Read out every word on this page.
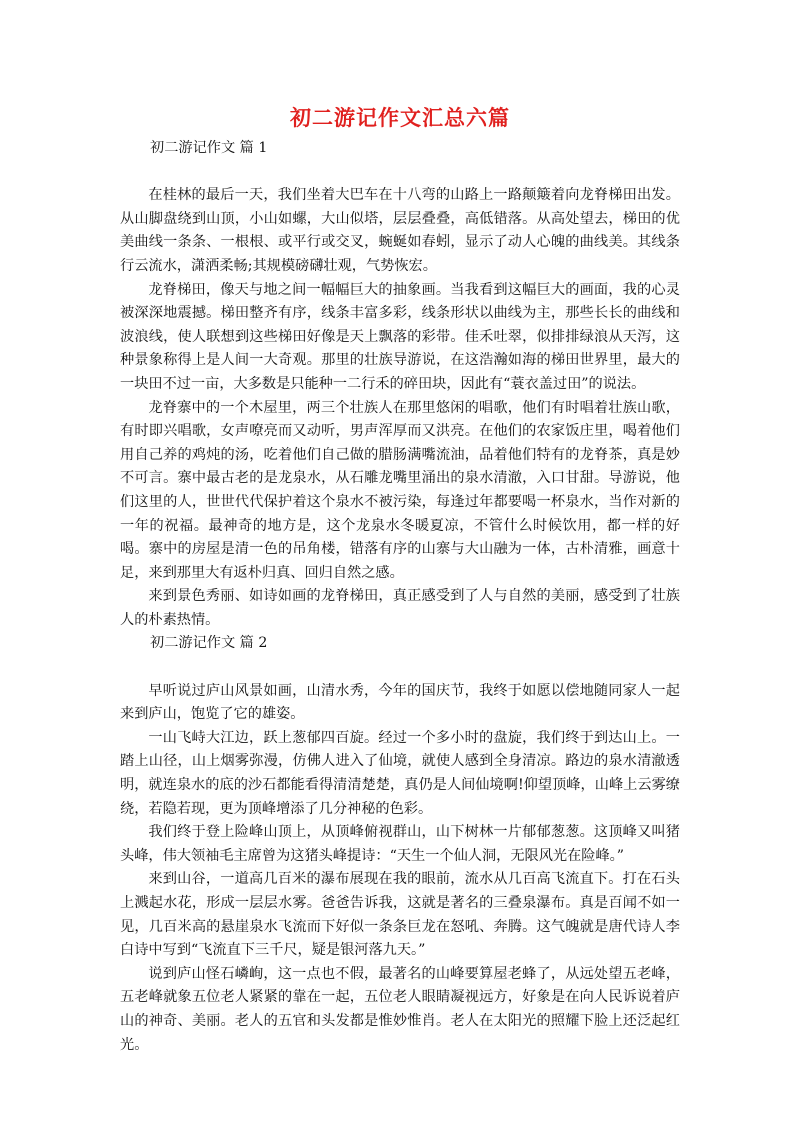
初二游记作文汇总六篇
初二游记作文 篇 1

在桂林的最后一天，我们坐着大巴车在十八弯的山路上一路颠簸着向龙脊梯田出发。从山脚盘绕到山顶，小山如螺，大山似塔，层层叠叠，高低错落。从高处望去，梯田的优美曲线一条条、一根根、或平行或交叉，蜿蜒如春蚓，显示了动人心魄的曲线美。其线条行云流水，潇洒柔畅;其规模磅礴壮观，气势恢宏。

龙脊梯田，像天与地之间一幅幅巨大的抽象画。当我看到这幅巨大的画面，我的心灵被深深地震撼。梯田整齐有序，线条丰富多彩，线条形状以曲线为主，那些长长的曲线和波浪线，使人联想到这些梯田好像是天上飘落的彩带。佳禾吐翠，似排排绿浪从天泻，这种景象称得上是人间一大奇观。那里的壮族导游说，在这浩瀚如海的梯田世界里，最大的一块田不过一亩，大多数是只能种一二行禾的碎田块，因此有“蓑衣盖过田”的说法。

龙脊寨中的一个木屋里，两三个壮族人在那里悠闲的唱歌，他们有时唱着壮族山歌，有时即兴唱歌，女声嘹亮而又动听，男声浑厚而又洪亮。在他们的农家饭庄里，喝着他们用自己养的鸡炖的汤，吃着他们自己做的腊肠满嘴流油，品着他们特有的龙脊茶，真是妙不可言。寨中最古老的是龙泉水，从石雕龙嘴里涌出的泉水清澈，入口甘甜。导游说，他们这里的人，世世代代保护着这个泉水不被污染，每逢过年都要喝一杯泉水，当作对新的一年的祝福。最神奇的地方是，这个龙泉水冬暖夏凉，不管什么时候饮用，都一样的好喝。寨中的房屋是清一色的吊角楼，错落有序的山寨与大山融为一体，古朴清雅，画意十足，来到那里大有返朴归真、回归自然之感。

来到景色秀丽、如诗如画的龙脊梯田，真正感受到了人与自然的美丽，感受到了壮族人的朴素热情。

初二游记作文 篇 2

早听说过庐山风景如画，山清水秀，今年的国庆节，我终于如愿以偿地随同家人一起来到庐山，饱览了它的雄姿。

一山飞峙大江边，跃上葱郁四百旋。经过一个多小时的盘旋，我们终于到达山上。一踏上山径，山上烟雾弥漫，仿佛人进入了仙境，就使人感到全身清凉。路边的泉水清澈透明，就连泉水的底的沙石都能看得清清楚楚，真仍是人间仙境啊!仰望顶峰，山峰上云雾缭绕，若隐若现，更为顶峰增添了几分神秘的色彩。

我们终于登上险峰山顶上，从顶峰俯视群山，山下树林一片郁郁葱葱。这顶峰又叫猪头峰，伟大领袖毛主席曾为这猪头峰提诗：“天生一个仙人洞，无限风光在险峰。”

来到山谷，一道高几百米的瀑布展现在我的眼前，流水从几百高飞流直下。打在石头上溅起水花，形成一层层水雾。爸爸告诉我，这就是著名的三叠泉瀑布。真是百闻不如一见，几百米高的悬崖泉水飞流而下好似一条条巨龙在怒吼、奔腾。这气魄就是唐代诗人李白诗中写到“飞流直下三千尺，疑是银河落九天。”

说到庐山怪石嶙峋，这一点也不假，最著名的山峰要算屋老蜂了，从远处望五老峰，五老峰就象五位老人紧紧的靠在一起，五位老人眼睛凝视远方，好象是在向人民诉说着庐山的神奇、美丽。老人的五官和头发都是惟妙惟肖。老人在太阳光的照耀下脸上还泛起红光。
